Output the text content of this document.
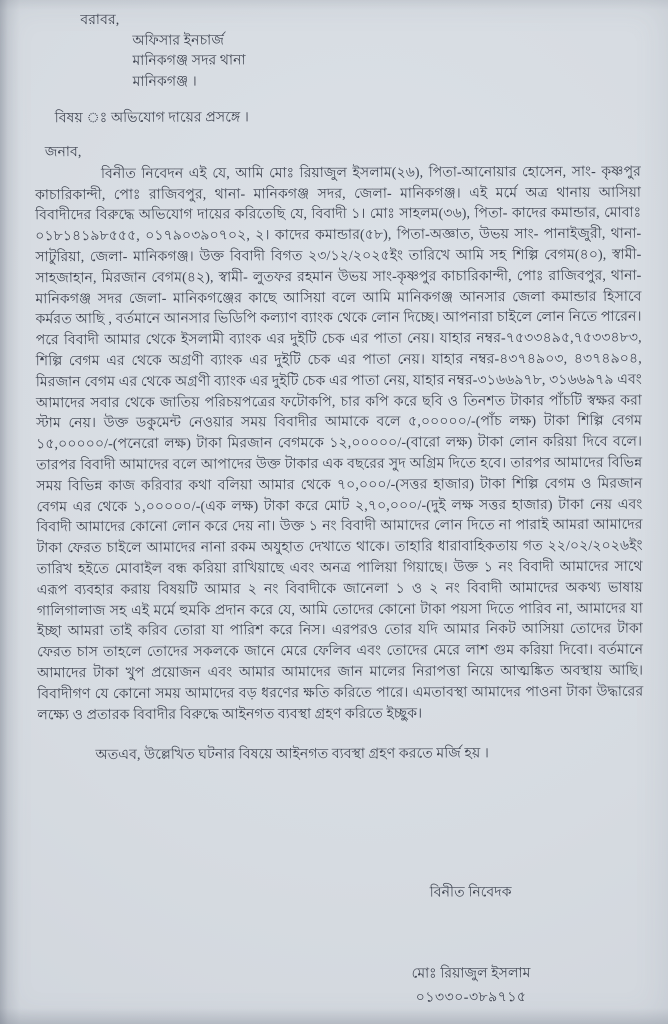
বরাবর,
অফিসার ইনচার্জ
মানিকগঞ্জ সদর থানা
মানিকগঞ্জ ।
বিষয় ঃ অভিযোগ দায়ের প্রসঙ্গে ।
জনাব,

বিনীত নিবেদন এই যে, আমি মোঃ রিয়াজুল ইসলাম(২৬), পিতা-আনোয়ার হোসেন, সাং- কৃষ্ণপুর কাচারিকান্দী, পোঃ রাজিবপুর, থানা- মানিকগঞ্জ সদর, জেলা- মানিকগঞ্জ। এই মর্মে অত্র থানায় আসিয়া বিবাদীদের বিরুদ্ধে অভিযোগ দায়ের করিতেছি যে, বিবাদী ১। মোঃ সাহলম(৩৬), পিতা- কাদের কমান্ডার, মোবাঃ ০১৮১৪১৯৮৫৫৫, ০১৭৯০৩৯০৭০২, ২। কাদের কমান্ডার(৫৮), পিতা-অজ্ঞাত, উভয় সাং- পানাইজুরী, থানা- সাটুরিয়া, জেলা- মানিকগঞ্জ। উক্ত বিবাদী বিগত ২৩/১২/২০২৫ইং তারিখে আমি সহ শিল্পি বেগম(৪০), স্বামী- সাহজাহান, মিরজান বেগম(৪২), স্বামী- লুতফর রহমান উভয় সাং-কৃষ্ণপুর কাচারিকান্দী, পোঃ রাজিবপুর, থানা- মানিকগঞ্জ সদর জেলা- মানিকগঞ্জের কাছে আসিয়া বলে আমি মানিকগঞ্জ আনসার জেলা কমান্ডার হিসাবে কর্মরত আছি , বর্তমানে আনসার ভিডিপি কল্যাণ ব্যাংক থেকে লোন দিচ্ছে। আপনারা চাইলে লোন নিতে পারেন। পরে বিবাদী আমার থেকে ইসলামী ব্যাংক এর দুইটি চেক এর পাতা নেয়। যাহার নম্বর-৭৫৩৩৪৯৫,৭৫৩৩৪৮৩, শিল্পি বেগম এর থেকে অগ্রণী ব্যাংক এর দুইটি চেক এর পাতা নেয়। যাহার নম্বর-৪৩৭৪৯০৩, ৪৩৭৪৯০৪, মিরজান বেগম এর থেকে অগ্রণী ব্যাংক এর দুইটি চেক এর পাতা নেয়, যাহার নম্বর-৩১৬৬৯৭৮, ৩১৬৬৯৭৯ এবং আমাদের সবার থেকে জাতিয় পরিচয়পত্রের ফটোকপি, চার কপি করে ছবি ও তিনশত টাকার পাঁচটি স্বক্ষর করা স্টাম নেয়। উক্ত ডকুমেন্ট নেওয়ার সময় বিবাদীর আমাকে বলে ৫,০০০০০/-(পাঁচ লক্ষ) টাকা শিল্পি বেগম ১৫,০০০০০/-(পনেরো লক্ষ) টাকা মিরজান বেগমকে ১২,০০০০০/-(বারো লক্ষ) টাকা লোন করিয়া দিবে বলে। তারপর বিবাদী আমাদের বলে আপাদের উক্ত টাকার এক বছরের সুদ অগ্রিম দিতে হবে। তারপর আমাদের বিভিন্ন সময় বিভিন্ন কাজ করিবার কথা বলিয়া আমার থেকে ৭০,০০০/-(সত্তর হাজার) টাকা শিল্পি বেগম ও মিরজান বেগম এর থেকে ১,০০০০০/-(এক লক্ষ) টাকা করে মোট ২,৭০,০০০/-(দুই লক্ষ সত্তর হাজার) টাকা নেয় এবং বিবাদী আমাদের কোনো লোন করে দেয় না। উক্ত ১ নং বিবাদী আমাদের লোন দিতে না পারাই আমরা আমাদের টাকা ফেরত চাইলে আমাদের নানা রকম অযুহাত দেখাতে থাকে। তাহারি ধারাবাহিকতায় গত ২২/০২/২০২৬ইং তারিখ হইতে মোবাইল বন্ধ করিয়া রাখিয়াছে এবং অনত্র পালিয়া গিয়াছে। উক্ত ১ নং বিবাদী আমাদের সাথে এরূপ ব্যবহার করায় বিষয়টি আমার ২ নং বিবাদীকে জানেলা ১ ও ২ নং বিবাদী আমাদের অকথ্য ভাষায় গালিগালাজ সহ এই মর্মে হুমকি প্রদান করে যে, আমি তোদের কোনো টাকা পয়সা দিতে পারিব না, আমাদের যা ইচ্ছা আমরা তাই করিব তোরা যা পারিশ করে নিস। এরপরও তোর যদি আমার নিকট আসিয়া তোদের টাকা ফেরত চাস তাহলে তোদের সকলকে জানে মেরে ফেলিব এবং তোদের মেরে লাশ গুম করিয়া দিবো। বর্তমানে আমাদের টাকা খুপ প্রয়োজন এবং আমার আমাদের জান মালের নিরাপত্তা নিয়ে আত্মঙ্কিত অবস্থায় আছি। বিবাদীগণ যে কোনো সময় আমাদের বড় ধরণের ক্ষতি করিতে পারে। এমতাবস্থা আমাদের পাওনা টাকা উদ্ধারের লক্ষ্যে ও প্রতারক বিবাদীর বিরুদ্ধে আইনগত ব্যবস্থা গ্রহণ করিতে ইচ্ছুক।

অতএব, উল্লেখিত ঘটনার বিষয়ে আইনগত ব্যবস্থা গ্রহণ করতে মর্জি হয় ।

বিনীত নিবেদক
মোঃ রিয়াজুল ইসলাম
০১৩৩০-৩৮৯৭১৫
